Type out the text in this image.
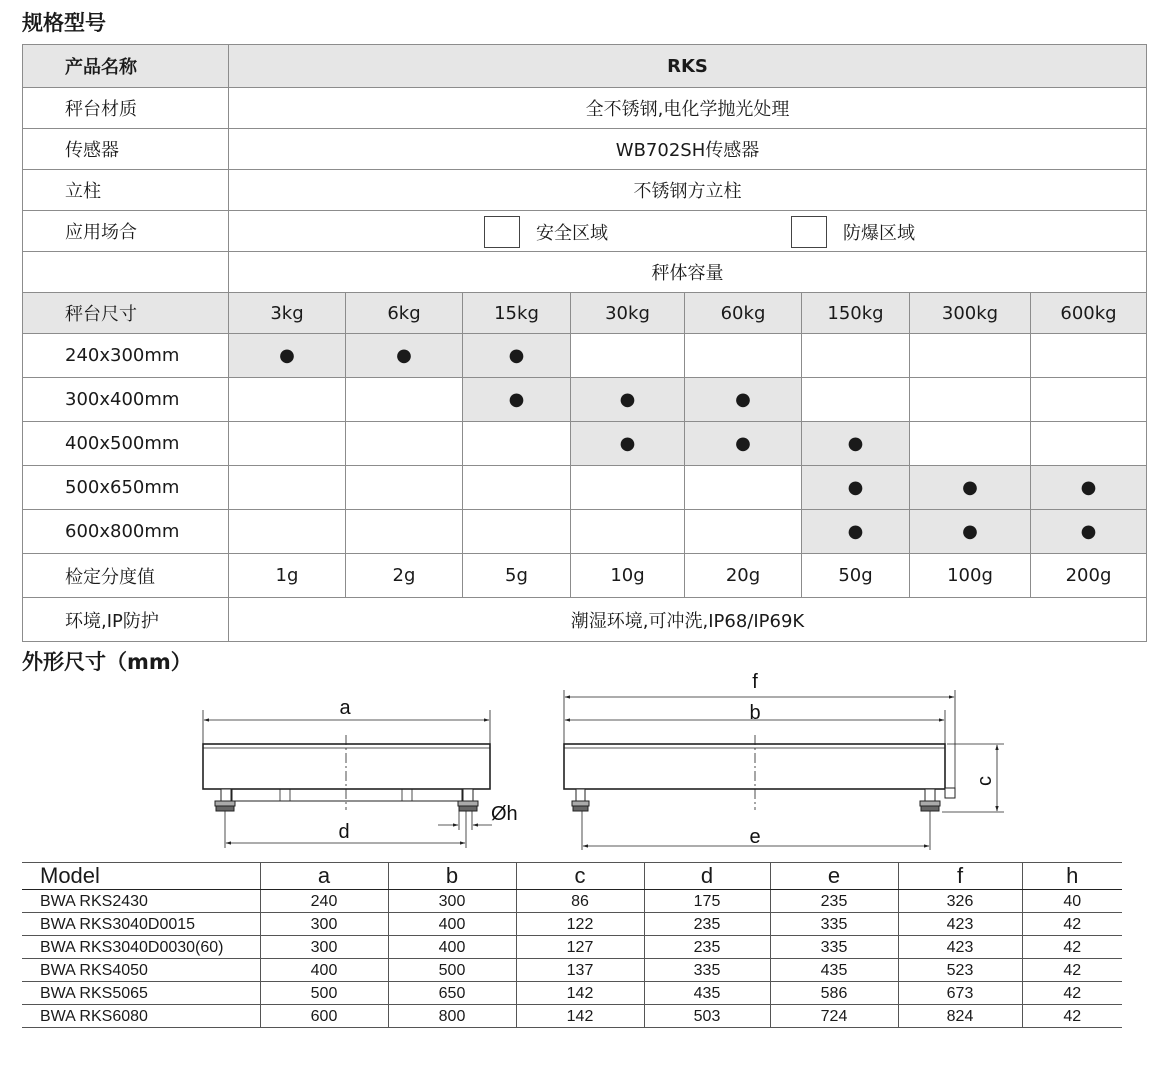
规格型号
产品名称	RKS							
秤台材质	全不锈钢,电化学抛光处理							
传感器	WB702SH传感器							
立柱	不锈钢方立柱							
应用场合	安全区域 防爆区域							

	秤体容量							
秤台尺寸	3kg	6kg	15kg	30kg	60kg	150kg	300kg	600kg
240x300mm	●	●	●					
300x400mm			●	●	●			
400x500mm				●	●	●		
500x650mm						●	●	●
600x800mm						●	●	●
检定分度值	1g	2g	5g	10g	20g	50g	100g	200g
环境,IP防护	潮湿环境,可冲洗,IP68/IP69K							
外形尺寸（mm）
a
d
Øh
f
b
e
c
Model	a	b	c	d	e	f	h
BWA RKS2430	240	300	86	175	235	326	40
BWA RKS3040D0015	300	400	122	235	335	423	42
BWA RKS3040D0030(60)	300	400	127	235	335	423	42
BWA RKS4050	400	500	137	335	435	523	42
BWA RKS5065	500	650	142	435	586	673	42
BWA RKS6080	600	800	142	503	724	824	42
